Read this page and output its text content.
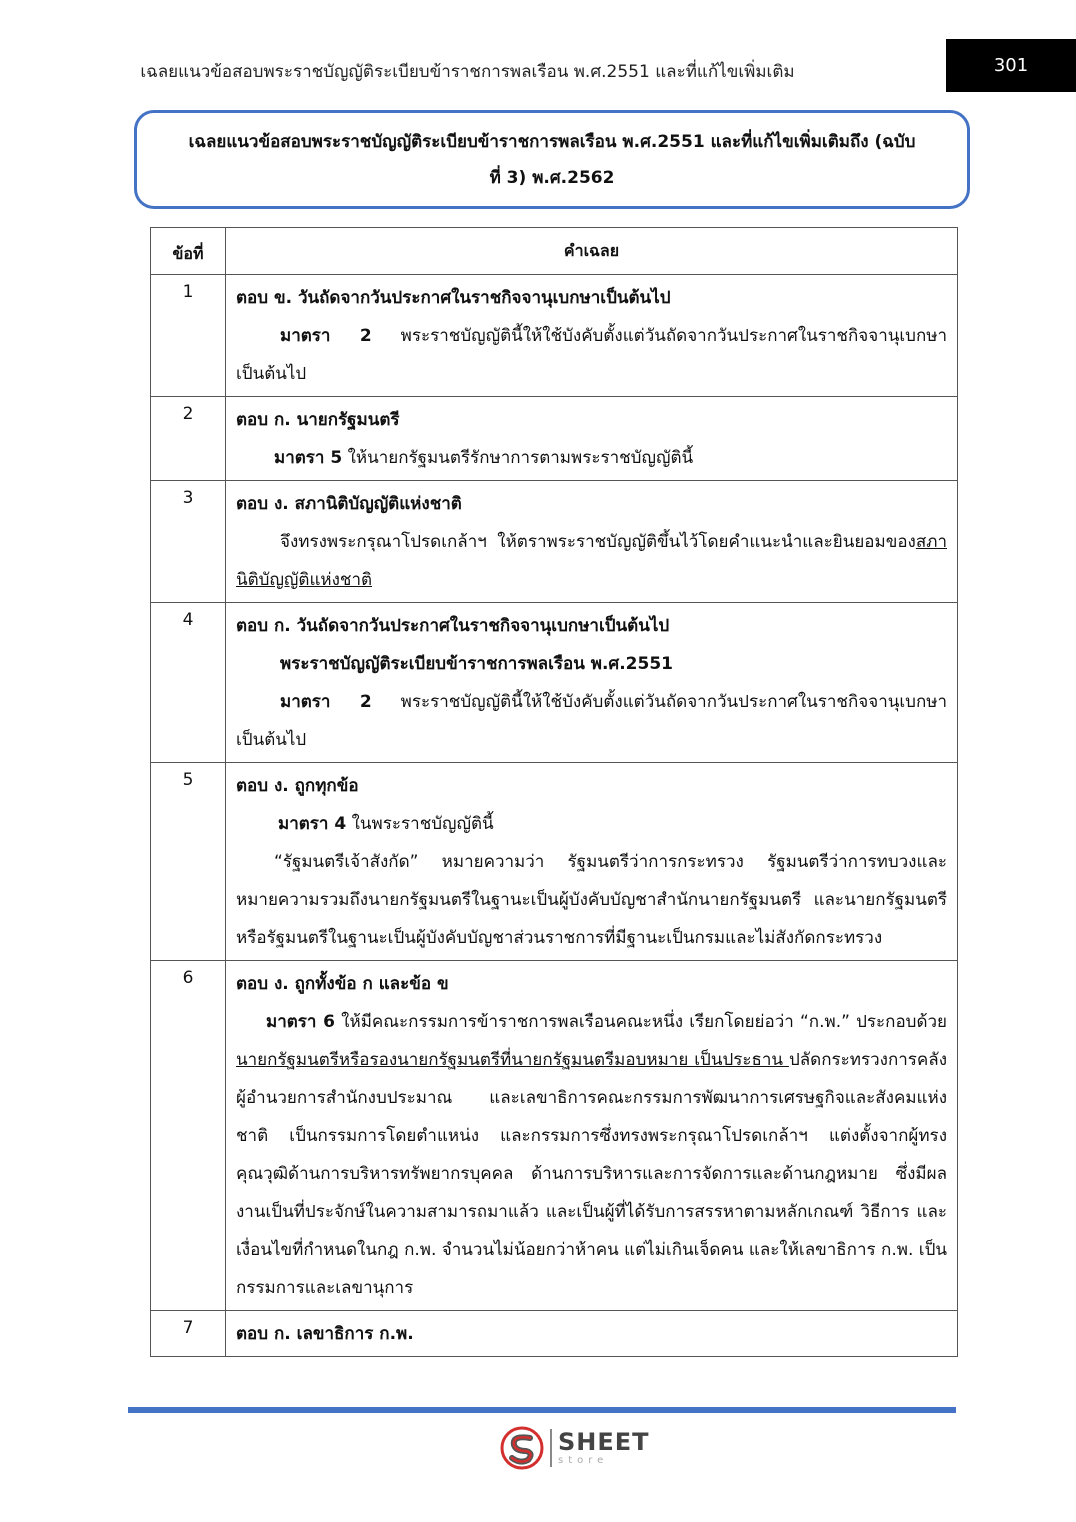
เฉลยแนวข้อสอบพระราชบัญญัติระเบียบข้าราชการพลเรือน พ.ศ.2551 และที่แก้ไขเพิ่มเติม	301
เฉลยแนวข้อสอบพระราชบัญญัติระเบียบข้าราชการพลเรือน พ.ศ.2551 และที่แก้ไขเพิ่มเติมถึง (ฉบับ
ที่ 3) พ.ศ.2562
ข้อที่	คำเฉลย
1	ตอบ ข. วันถัดจากวันประกาศในราชกิจจานุเบกษาเป็นต้นไป
มาตรา 2 พระราชบัญญัตินี้ให้ใช้บังคับตั้งแต่วันถัดจากวันประกาศในราชกิจจานุเบกษาเป็นต้นไป

2	ตอบ ก. นายกรัฐมนตรี
มาตรา 5 ให้นายกรัฐมนตรีรักษาการตามพระราชบัญญัตินี้

3	ตอบ ง. สภานิติบัญญัติแห่งชาติ
จึงทรงพระกรุณาโปรดเกล้าฯ ให้ตราพระราชบัญญัติขึ้นไว้โดยคำแนะนำและยินยอมของสภานิติบัญญัติแห่งชาติ

4	ตอบ ก. วันถัดจากวันประกาศในราชกิจจานุเบกษาเป็นต้นไป
พระราชบัญญัติระเบียบข้าราชการพลเรือน พ.ศ.2551
มาตรา 2 พระราชบัญญัตินี้ให้ใช้บังคับตั้งแต่วันถัดจากวันประกาศในราชกิจจานุเบกษาเป็นต้นไป

5	ตอบ ง. ถูกทุกข้อ
มาตรา 4 ในพระราชบัญญัตินี้
“รัฐมนตรีเจ้าสังกัด” หมายความว่า รัฐมนตรีว่าการกระทรวง รัฐมนตรีว่าการทบวงและหมายความรวมถึงนายกรัฐมนตรีในฐานะเป็นผู้บังคับบัญชาสำนักนายกรัฐมนตรี และนายกรัฐมนตรีหรือรัฐมนตรีในฐานะเป็นผู้บังคับบัญชาส่วนราชการที่มีฐานะเป็นกรมและไม่สังกัดกระทรวง

6	ตอบ ง. ถูกทั้งข้อ ก และข้อ ข
มาตรา 6 ให้มีคณะกรรมการข้าราชการพลเรือนคณะหนึ่ง เรียกโดยย่อว่า “ก.พ.” ประกอบด้วยนายกรัฐมนตรีหรือรองนายกรัฐมนตรีที่นายกรัฐมนตรีมอบหมาย เป็นประธาน ปลัดกระทรวงการคลัง ผู้อำนวยการสำนักงบประมาณ และเลขาธิการคณะกรรมการพัฒนาการเศรษฐกิจและสังคมแห่งชาติ เป็นกรรมการโดยตำแหน่ง และกรรมการซึ่งทรงพระกรุณาโปรดเกล้าฯ แต่งตั้งจากผู้ทรงคุณวุฒิด้านการบริหารทรัพยากรบุคคล ด้านการบริหารและการจัดการและด้านกฎหมาย ซึ่งมีผลงานเป็นที่ประจักษ์ในความสามารถมาแล้ว และเป็นผู้ที่ได้รับการสรรหาตามหลักเกณฑ์ วิธีการ และเงื่อนไขที่กำหนดในกฎ ก.พ. จำนวนไม่น้อยกว่าห้าคน แต่ไม่เกินเจ็ดคน และให้เลขาธิการ ก.พ. เป็นกรรมการและเลขานุการ

7	ตอบ ก. เลขาธิการ ก.พ.
SHEET
store
